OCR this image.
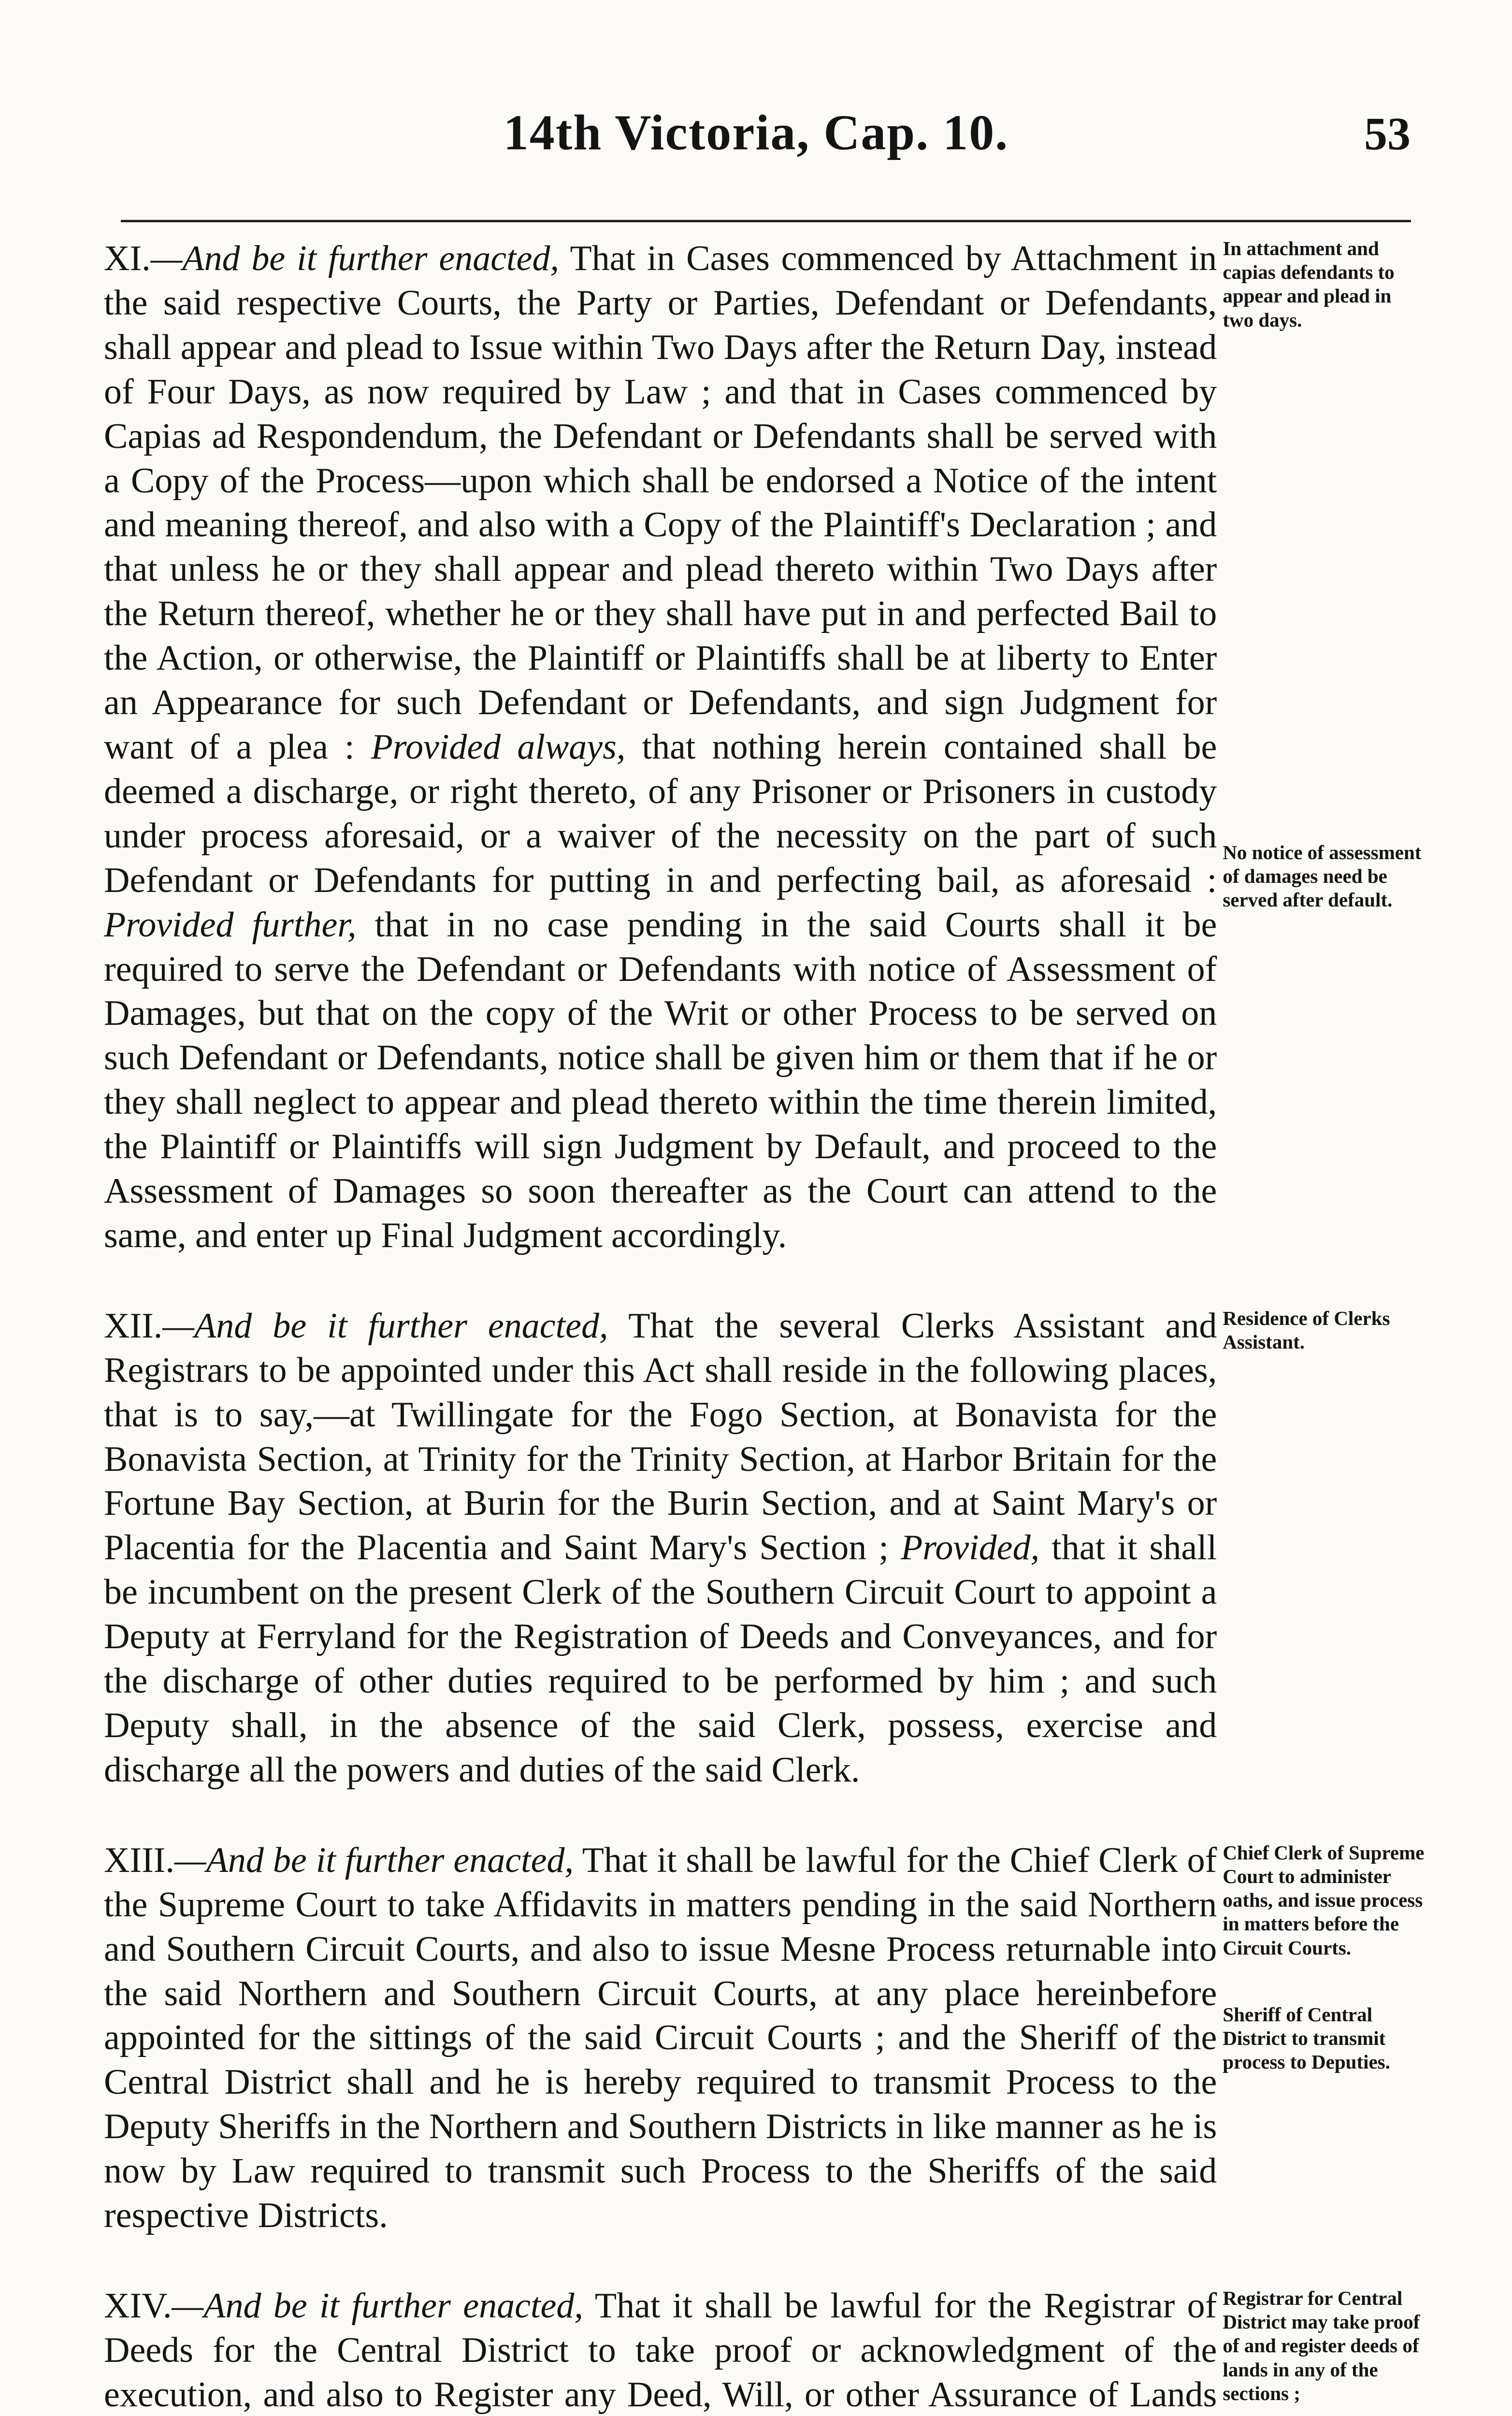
14th Victoria, Cap. 10.	53

XI.—And be it further enacted, That in Cases commenced by Attachment in the said respective Courts, the Party or Parties, Defendant or Defendants, shall appear and plead to Issue within Two Days after the Return Day, instead of Four Days, as now required by Law ; and that in Cases commenced by Capias ad Respondendum, the Defendant or Defendants shall be served with a Copy of the Process—upon which shall be endorsed a Notice of the intent and meaning thereof, and also with a Copy of the Plaintiff's Declaration ; and that unless he or they shall appear and plead thereto within Two Days after the Return thereof, whether he or they shall have put in and perfected Bail to the Action, or otherwise, the Plaintiff or Plaintiffs shall be at liberty to Enter an Appearance for such Defendant or Defendants, and sign Judgment for want of a plea : Provided always, that nothing herein contained shall be deemed a discharge, or right thereto, of any Prisoner or Prisoners in custody under process aforesaid, or a waiver of the necessity on the part of such Defendant or Defendants for putting in and perfecting bail, as aforesaid : Provided further, that in no case pending in the said Courts shall it be required to serve the Defendant or Defendants with notice of Assessment of Damages, but that on the copy of the Writ or other Process to be served on such Defendant or Defendants, notice shall be given him or them that if he or they shall neglect to appear and plead thereto within the time therein limited, the Plaintiff or Plaintiffs will sign Judgment by Default, and proceed to the Assessment of Damages so soon thereafter as the Court can attend to the same, and enter up Final Judgment accordingly.

In attachment and capias defendants to appear and plead in two days.
No notice of assessment of damages need be served after default.

XII.—And be it further enacted, That the several Clerks Assistant and Registrars to be appointed under this Act shall reside in the following places, that is to say,—at Twillingate for the Fogo Section, at Bonavista for the Bonavista Section, at Trinity for the Trinity Section, at Harbor Britain for the Fortune Bay Section, at Burin for the Burin Section, and at Saint Mary's or Placentia for the Placentia and Saint Mary's Section ; Provided, that it shall be incumbent on the present Clerk of the Southern Circuit Court to appoint a Deputy at Ferryland for the Registration of Deeds and Conveyances, and for the discharge of other duties required to be performed by him ; and such Deputy shall, in the absence of the said Clerk, possess, exercise and discharge all the powers and duties of the said Clerk.

Residence of Clerks Assistant.

XIII.—And be it further enacted, That it shall be lawful for the Chief Clerk of the Supreme Court to take Affidavits in matters pending in the said Northern and Southern Circuit Courts, and also to issue Mesne Process returnable into the said Northern and Southern Circuit Courts, at any place hereinbefore appointed for the sittings of the said Circuit Courts ; and the Sheriff of the Central District shall and he is hereby required to transmit Process to the Deputy Sheriffs in the Northern and Southern Districts in like manner as he is now by Law required to transmit such Process to the Sheriffs of the said respective Districts.

Chief Clerk of Supreme Court to administer oaths, and issue process in matters before the Circuit Courts.
Sheriff of Central District to transmit process to Deputies.

XIV.—And be it further enacted, That it shall be lawful for the Registrar of Deeds for the Central District to take proof or acknowledgment of the execution, and also to Register any Deed, Will, or other Assurance of Lands

Registrar for Central District may take proof of and register deeds of lands in any of the sections ;
